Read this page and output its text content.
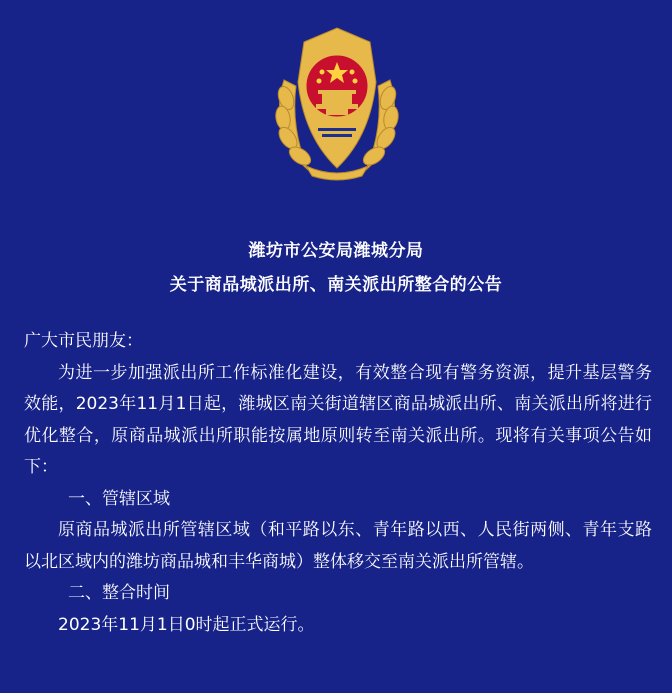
潍坊市公安局潍城分局
关于商品城派出所、南关派出所整合的公告

广大市民朋友：

为进一步加强派出所工作标准化建设，有效整合现有警务资源，提升基层警务效能，2023年11月1日起，潍城区南关街道辖区商品城派出所、南关派出所将进行优化整合，原商品城派出所职能按属地原则转至南关派出所。现将有关事项公告如下：

一、管辖区域

原商品城派出所管辖区域（和平路以东、青年路以西、人民街两侧、青年支路以北区域内的潍坊商品城和丰华商城）整体移交至南关派出所管辖。

二、整合时间

2023年11月1日0时起正式运行。
